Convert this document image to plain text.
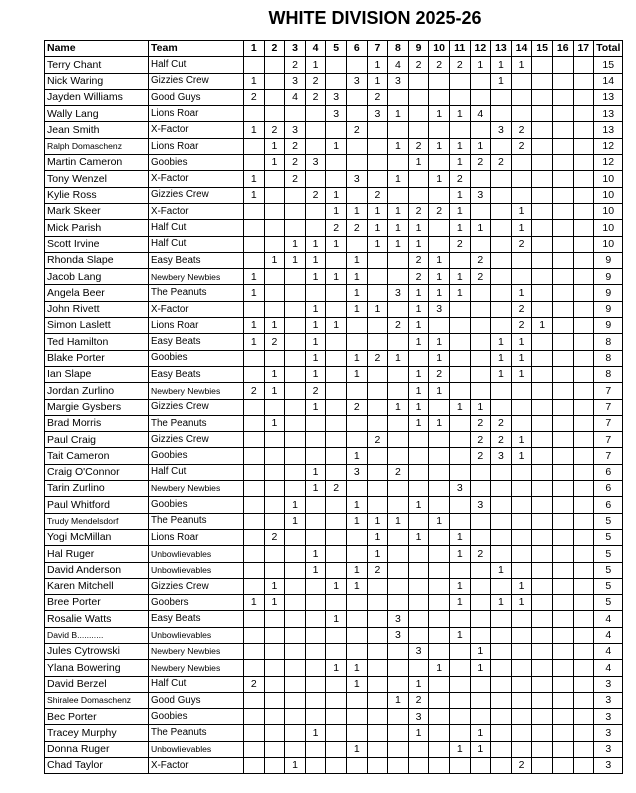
WHITE DIVISION 2025-26
Name	Team	1	2	3	4	5	6	7	8	9	10	11	12	13	14	15	16	17	Total
Terry Chant	Half Cut			2	1			1	4	2	2	2	1	1	1				15
Nick Waring	Gizzies Crew	1		3	2		3	1	3					1					14
Jayden Williams	Good Guys	2		4	2	3		2											13
Wally Lang	Lions Roar					3		3	1		1	1	4						13
Jean Smith	X-Factor	1	2	3			2							3	2				13
Ralph Domaschenz	Lions Roar		1	2		1			1	2	1	1	1		2				12
Martin Cameron	Goobies		1	2	3					1		1	2	2					12
Tony Wenzel	X-Factor	1		2			3		1		1	2							10
Kylie Ross	Gizzies Crew	1			2	1		2				1	3						10
Mark Skeer	X-Factor					1	1	1	1	2	2	1			1				10
Mick Parish	Half Cut					2	2	1	1	1		1	1		1				10
Scott Irvine	Half Cut			1	1	1		1	1	1		2			2				10
Rhonda Slape	Easy Beats		1	1	1		1			2	1		2						9
Jacob Lang	Newbery Newbies	1			1	1	1			2	1	1	2						9
Angela Beer	The Peanuts	1					1		3	1	1	1			1				9
John Rivett	X-Factor				1		1	1		1	3				2				9
Simon Laslett	Lions Roar	1	1		1	1			2	1					2	1			9
Ted Hamilton	Easy Beats	1	2		1					1	1			1	1				8
Blake Porter	Goobies				1		1	2	1		1			1	1				8
Ian Slape	Easy Beats		1		1		1			1	2			1	1				8
Jordan Zurlino	Newbery Newbies	2	1		2					1	1								7
Margie Gysbers	Gizzies Crew				1		2		1	1		1	1						7
Brad Morris	The Peanuts		1							1	1		2	2					7
Paul Craig	Gizzies Crew							2					2	2	1				7
Tait Cameron	Goobies						1						2	3	1				7
Craig O'Connor	Half Cut				1		3		2										6
Tarin Zurlino	Newbery Newbies				1	2						3							6
Paul Whitford	Goobies			1			1			1			3						6
Trudy Mendelsdorf	The Peanuts			1			1	1	1		1								5
Yogi McMillan	Lions Roar		2					1		1		1							5
Hal Ruger	Unbowlievables				1			1				1	2						5
David Anderson	Unbowlievables				1		1	2						1					5
Karen Mitchell	Gizzies Crew		1			1	1					1			1				5
Bree Porter	Goobers	1	1									1		1	1				5
Rosalie Watts	Easy Beats					1			3										4
David B...........	Unbowlievables								3			1							4
Jules Cytrowski	Newbery Newbies									3			1						4
Ylana Bowering	Newbery Newbies					1	1				1		1						4
David Berzel	Half Cut	2					1			1									3
Shiralee Domaschenz	Good Guys								1	2									3
Bec Porter	Goobies									3									3
Tracey Murphy	The Peanuts				1					1			1						3
Donna Ruger	Unbowlievables						1					1	1						3
Chad Taylor	X-Factor			1											2				3
